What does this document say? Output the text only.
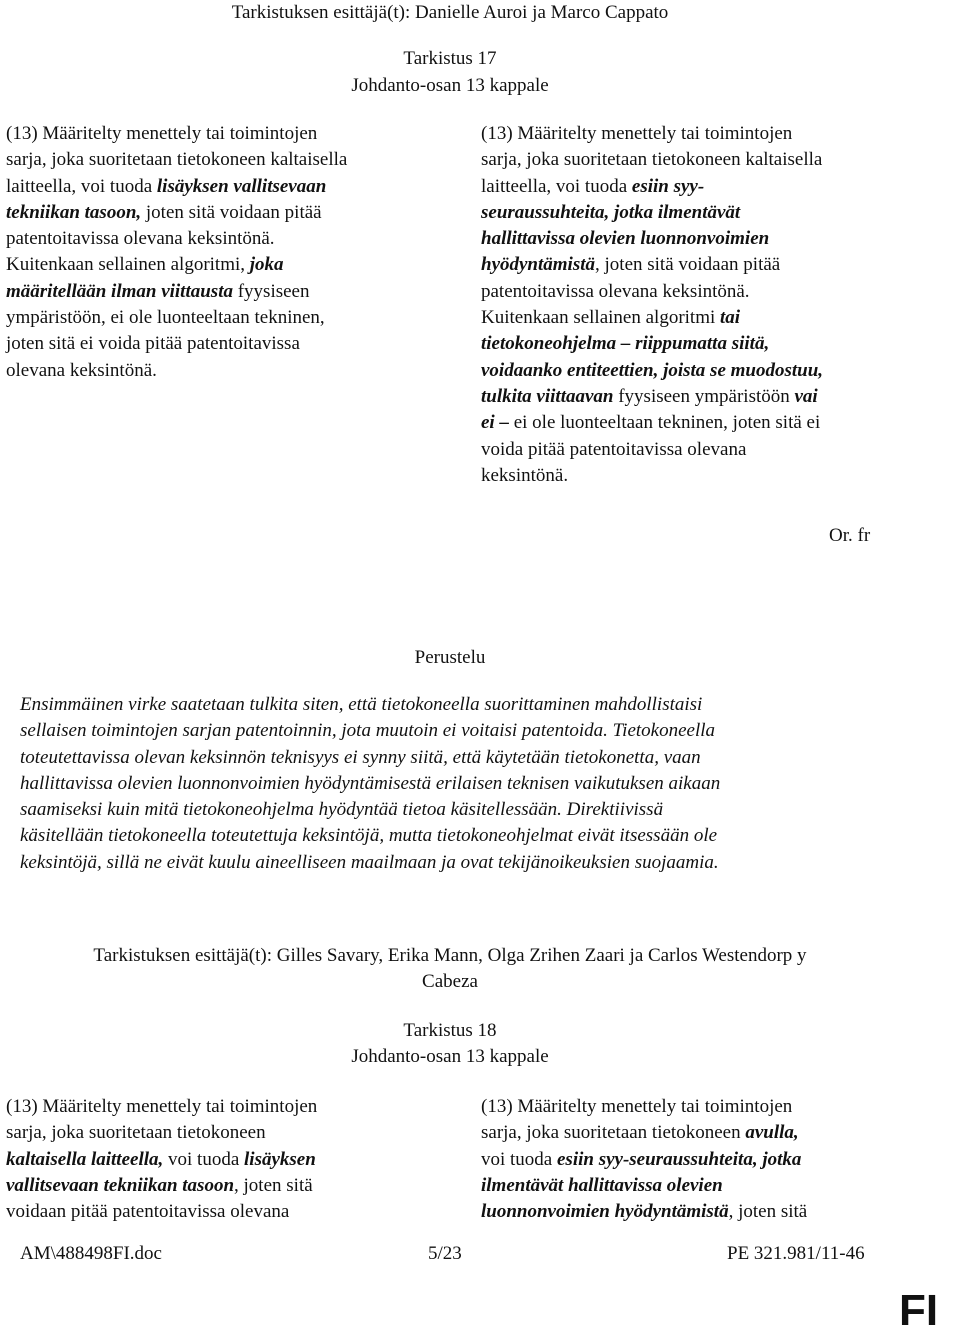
Tarkistuksen esittäjä(t): Danielle Auroi ja Marco Cappato
Tarkistus 17
Johdanto-osan 13 kappale
(13) Määritelty menettely tai toimintojen
sarja, joka suoritetaan tietokoneen kaltaisella
laitteella, voi tuoda lisäyksen vallitsevaan
tekniikan tasoon, joten sitä voidaan pitää
patentoitavissa olevana keksintönä.
Kuitenkaan sellainen algoritmi, joka
määritellään ilman viittausta fyysiseen
ympäristöön, ei ole luonteeltaan tekninen,
joten sitä ei voida pitää patentoitavissa
olevana keksintönä.
(13) Määritelty menettely tai toimintojen
sarja, joka suoritetaan tietokoneen kaltaisella
laitteella, voi tuoda esiin syy-
seuraussuhteita, jotka ilmentävät
hallittavissa olevien luonnonvoimien
hyödyntämistä, joten sitä voidaan pitää
patentoitavissa olevana keksintönä.
Kuitenkaan sellainen algoritmi tai
tietokoneohjelma – riippumatta siitä,
voidaanko entiteettien, joista se muodostuu,
tulkita viittaavan fyysiseen ympäristöön vai
ei – ei ole luonteeltaan tekninen, joten sitä ei
voida pitää patentoitavissa olevana
keksintönä.
Or. fr
Perustelu
Ensimmäinen virke saatetaan tulkita siten, että tietokoneella suorittaminen mahdollistaisi
sellaisen toimintojen sarjan patentoinnin, jota muutoin ei voitaisi patentoida. Tietokoneella
toteutettavissa olevan keksinnön teknisyys ei synny siitä, että käytetään tietokonetta, vaan
hallittavissa olevien luonnonvoimien hyödyntämisestä erilaisen teknisen vaikutuksen aikaan
saamiseksi kuin mitä tietokoneohjelma hyödyntää tietoa käsitellessään. Direktiivissä
käsitellään tietokoneella toteutettuja keksintöjä, mutta tietokoneohjelmat eivät itsessään ole
keksintöjä, sillä ne eivät kuulu aineelliseen maailmaan ja ovat tekijänoikeuksien suojaamia.
Tarkistuksen esittäjä(t): Gilles Savary, Erika Mann, Olga Zrihen Zaari ja Carlos Westendorp y
Cabeza
Tarkistus 18
Johdanto-osan 13 kappale
(13) Määritelty menettely tai toimintojen
sarja, joka suoritetaan tietokoneen
kaltaisella laitteella, voi tuoda lisäyksen
vallitsevaan tekniikan tasoon, joten sitä
voidaan pitää patentoitavissa olevana
(13) Määritelty menettely tai toimintojen
sarja, joka suoritetaan tietokoneen avulla,
voi tuoda esiin syy-seuraussuhteita, jotka
ilmentävät hallittavissa olevien
luonnonvoimien hyödyntämistä, joten sitä
AM\488498FI.doc	5/23	PE 321.981/11-46
FI
